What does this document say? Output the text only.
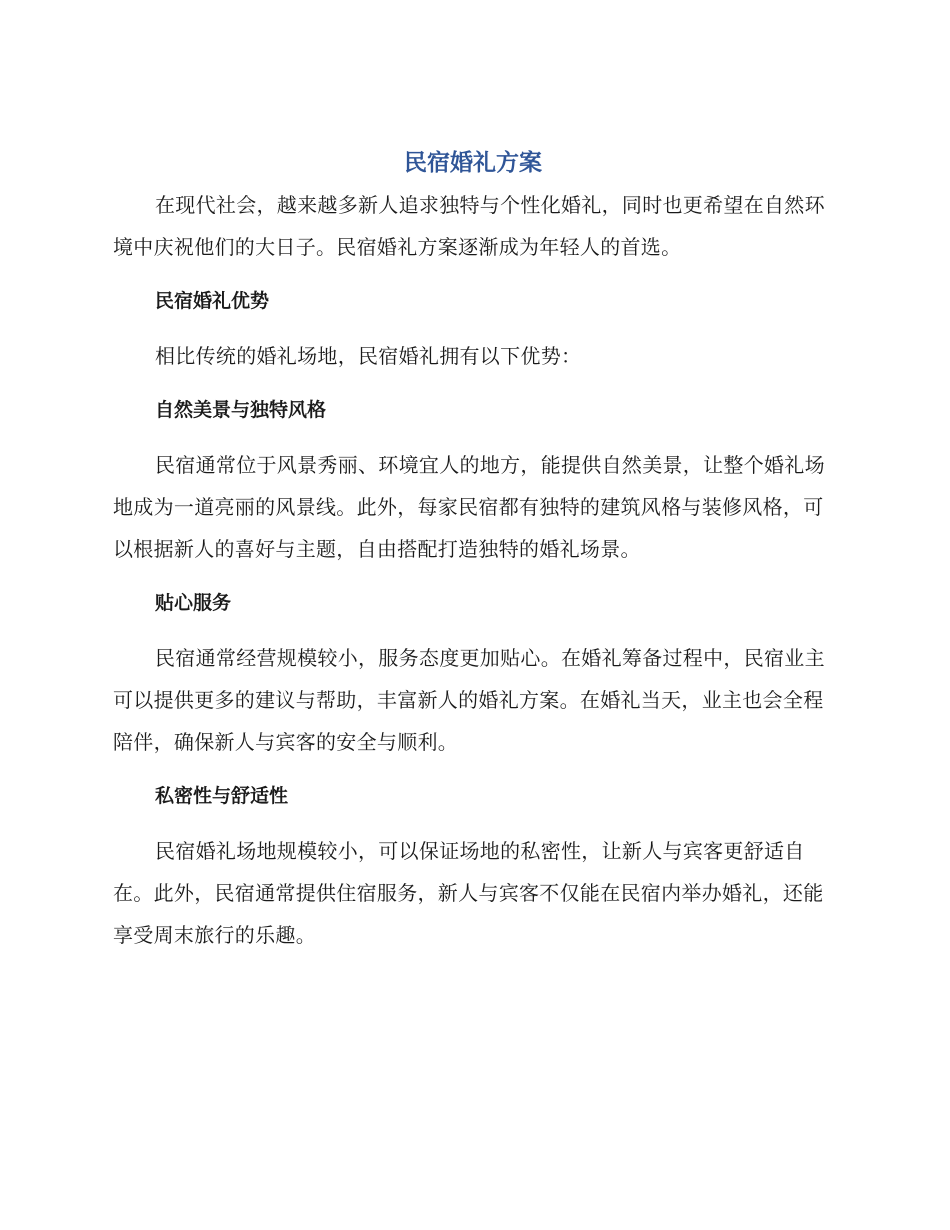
民宿婚礼方案

在现代社会，越来越多新人追求独特与个性化婚礼，同时也更希望在自然环境中庆祝他们的大日子。民宿婚礼方案逐渐成为年轻人的首选。

民宿婚礼优势

相比传统的婚礼场地，民宿婚礼拥有以下优势：

自然美景与独特风格

民宿通常位于风景秀丽、环境宜人的地方，能提供自然美景，让整个婚礼场地成为一道亮丽的风景线。此外，每家民宿都有独特的建筑风格与装修风格，可以根据新人的喜好与主题，自由搭配打造独特的婚礼场景。

贴心服务

民宿通常经营规模较小，服务态度更加贴心。在婚礼筹备过程中，民宿业主可以提供更多的建议与帮助，丰富新人的婚礼方案。在婚礼当天，业主也会全程陪伴，确保新人与宾客的安全与顺利。

私密性与舒适性

民宿婚礼场地规模较小，可以保证场地的私密性，让新人与宾客更舒适自在。此外，民宿通常提供住宿服务，新人与宾客不仅能在民宿内举办婚礼，还能享受周末旅行的乐趣。
